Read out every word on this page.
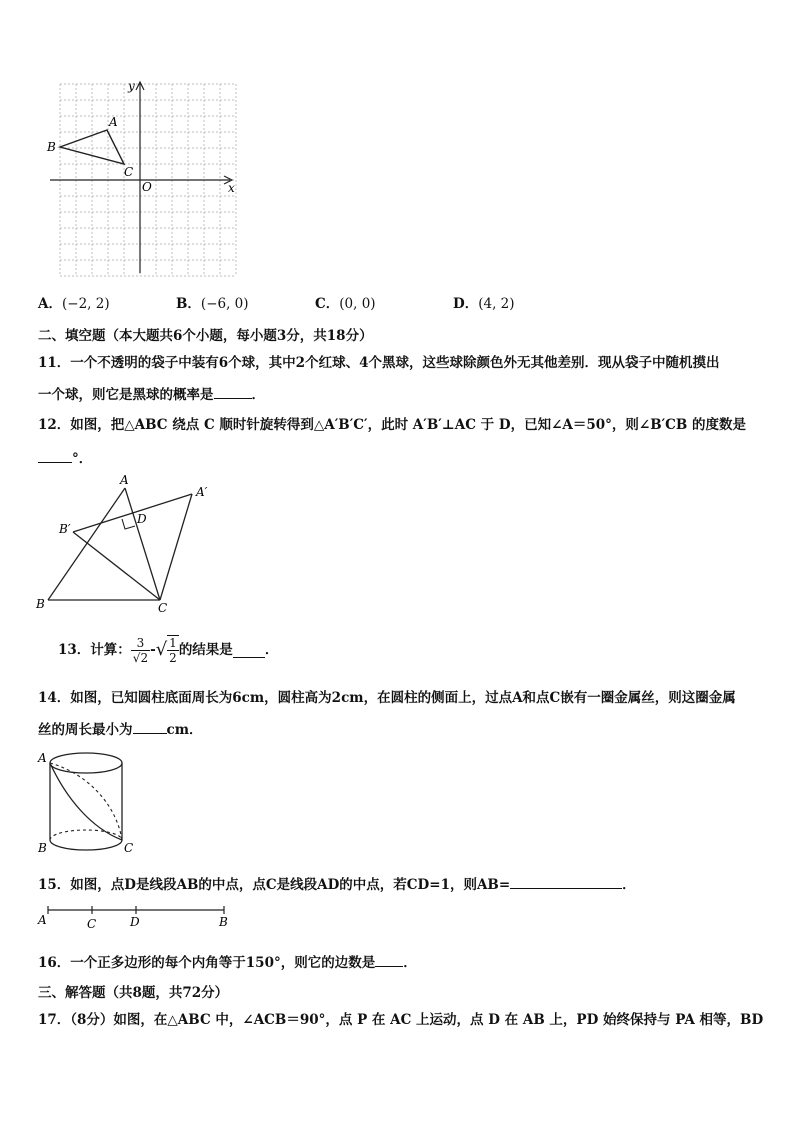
y
x
O
A
B
C
A．(−2, 2)	B．(−6, 0)	C．(0, 0)	D．(4, 2)
二、填空题（本大题共6个小题，每小题3分，共18分）
11．一个不透明的袋子中装有6个球，其中2个红球、4个黑球，这些球除颜色外无其他差别．现从袋子中随机摸出
一个球，则它是黑球的概率是	．
12．如图，把△ABC 绕点 C 顺时针旋转得到△A′B′C′，此时 A′B′⊥AC 于 D，已知∠A＝50°，则∠B′CB 的度数是
°．
A
A′
B′
D
B	C
13．计算： $\frac{3}{√2}$ - √ $\frac{1}{2}$ 的结果是 ．
14．如图，已知圆柱底面周长为6cm，圆柱高为2cm，在圆柱的侧面上，过点A和点C嵌有一圈金属丝，则这圈金属
丝的周长最小为	cm．
A
B	C
15．如图，点D是线段AB的中点，点C是线段AD的中点，若CD=1，则AB=	．
A	C	D	B
16．一个正多边形的每个内角等于150°，则它的边数是 ．
三、解答题（共8题，共72分）
17．（8分）如图，在△ABC 中，∠ACB＝90°，点 P 在 AC 上运动，点 D 在 AB 上，PD 始终保持与 PA 相等，BD
